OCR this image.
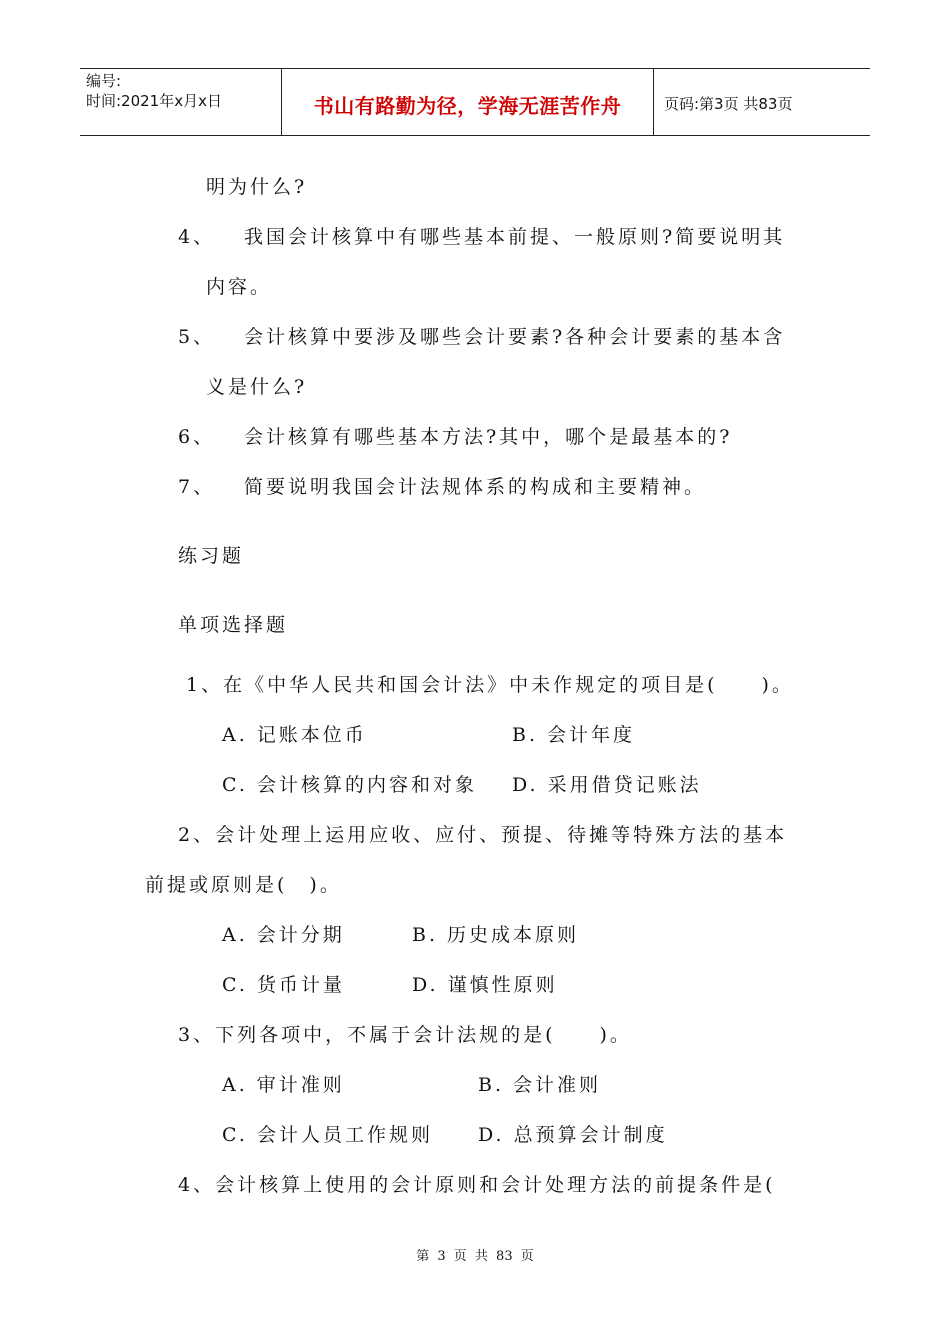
编号:
时间:2021年x月x日	书山有路勤为径，学海无涯苦作舟	页码:第3页 共83页
明为什么?
4、 我国会计核算中有哪些基本前提、一般原则?简要说明其
内容。
5、 会计核算中要涉及哪些会计要素?各种会计要素的基本含
义是什么?
6、 会计核算有哪些基本方法?其中，哪个是最基本的?
7、 简要说明我国会计法规体系的构成和主要精神。
练习题
单项选择题
1、在《中华人民共和国会计法》中未作规定的项目是(　　)。
A. 记账本位币	B. 会计年度
C. 会计核算的内容和对象 D. 采用借贷记账法
2、会计处理上运用应收、应付、预提、待摊等特殊方法的基本
前提或原则是(　)。
A. 会计分期	B. 历史成本原则
C. 货币计量	D. 谨慎性原则
3、下列各项中，不属于会计法规的是(　　)。
A. 审计准则	B. 会计准则
C. 会计人员工作规则 D. 总预算会计制度
4、会计核算上使用的会计原则和会计处理方法的前提条件是(
第 3 页 共 83 页
